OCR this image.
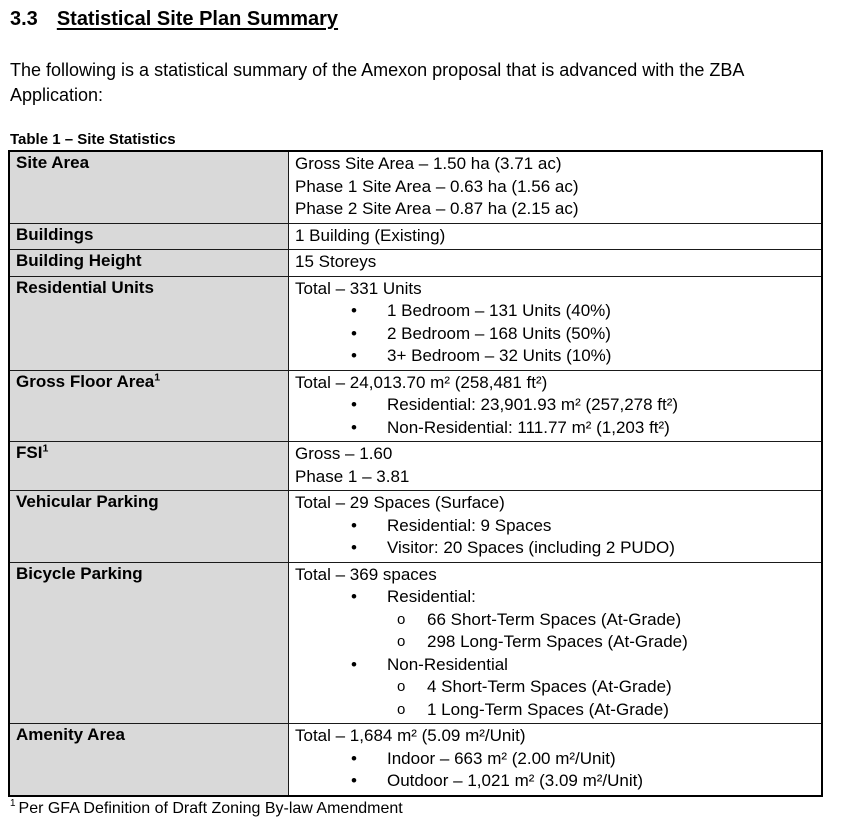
3.3 Statistical Site Plan Summary

The following is a statistical summary of the Amexon proposal that is advanced with the ZBA Application:

Table 1 – Site Statistics
Site Area	Gross Site Area – 1.50 ha (3.71 ac)
Phase 1 Site Area – 0.63 ha (1.56 ac)
Phase 2 Site Area – 0.87 ha (2.15 ac)

Buildings	1 Building (Existing)

Building Height	15 Storeys

Residential Units	Total – 331 Units
• 1 Bedroom – 131 Units (40%)
• 2 Bedroom – 168 Units (50%)
• 3+ Bedroom – 32 Units (10%)

Gross Floor Area$^1$	Total – 24,013.70 m² (258,481 ft²)
• Residential: 23,901.93 m² (257,278 ft²)
• Non-Residential: 111.77 m² (1,203 ft²)

FSI$^1$	Gross – 1.60
Phase 1 – 3.81

Vehicular Parking	Total – 29 Spaces (Surface)
• Residential: 9 Spaces
• Visitor: 20 Spaces (including 2 PUDO)

Bicycle Parking	Total – 369 spaces
• Residential:
o 66 Short-Term Spaces (At-Grade)
o 298 Long-Term Spaces (At-Grade)
• Non-Residential
o 4 Short-Term Spaces (At-Grade)
o 1 Long-Term Spaces (At-Grade)

Amenity Area	Total – 1,684 m² (5.09 m²/Unit)
• Indoor – 663 m² (2.00 m²/Unit)
• Outdoor – 1,021 m² (3.09 m²/Unit)
$^1$ Per GFA Definition of Draft Zoning By-law Amendment
